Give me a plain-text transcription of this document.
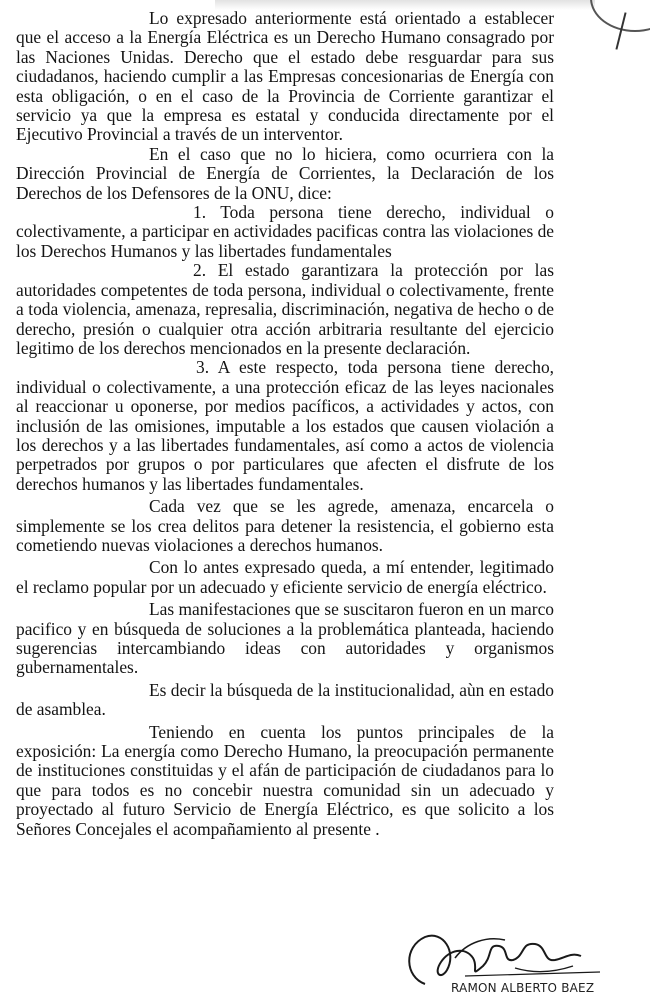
Lo expresado anteriormente está orientado a establecer que el acceso a la Energía Eléctrica es un Derecho Humano consagrado por las Naciones Unidas. Derecho que el estado debe resguardar para sus ciudadanos, haciendo cumplir a las Empresas concesionarias de Energía con esta obligación, o en el caso de la Provincia de Corriente garantizar el servicio ya que la empresa es estatal y conducida directamente por el Ejecutivo Provincial a través de un interventor.

En el caso que no lo hiciera, como ocurriera con la Dirección Provincial de Energía de Corrientes, la Declaración de los Derechos de los Defensores de la ONU, dice:

1. Toda persona tiene derecho, individual o colectivamente, a participar en actividades pacificas contra las violaciones de los Derechos Humanos y las libertades fundamentales

2. El estado garantizara la protección por las autoridades competentes de toda persona, individual o colectivamente, frente a toda violencia, amenaza, represalia, discriminación, negativa de hecho o de derecho, presión o cualquier otra acción arbitraria resultante del ejercicio legitimo de los derechos mencionados en la presente declaración.

3. A este respecto, toda persona tiene derecho, individual o colectivamente, a una protección eficaz de las leyes nacionales al reaccionar u oponerse, por medios pacíficos, a actividades y actos, con inclusión de las omisiones, imputable a los estados que causen violación a los derechos y a las libertades fundamentales, así como a actos de violencia perpetrados por grupos o por particulares que afecten el disfrute de los derechos humanos y las libertades fundamentales.

Cada vez que se les agrede, amenaza, encarcela o simplemente se los crea delitos para detener la resistencia, el gobierno esta cometiendo nuevas violaciones a derechos humanos.

Con lo antes expresado queda, a mí entender, legitimado el reclamo popular por un adecuado y eficiente servicio de energía eléctrico.

Las manifestaciones que se suscitaron fueron en un marco pacifico y en búsqueda de soluciones a la problemática planteada, haciendo sugerencias intercambiando ideas con autoridades y organismos gubernamentales.

Es decir la búsqueda de la institucionalidad, aùn en estado de asamblea.

Teniendo en cuenta los puntos principales de la exposición: La energía como Derecho Humano, la preocupación permanente de instituciones constituidas y el afán de participación de ciudadanos para lo que para todos es no concebir nuestra comunidad sin un adecuado y proyectado al futuro Servicio de Energía Eléctrico, es que solicito a los Señores Concejales el acompañamiento al presente .

RAMON ALBERTO BAEZ
